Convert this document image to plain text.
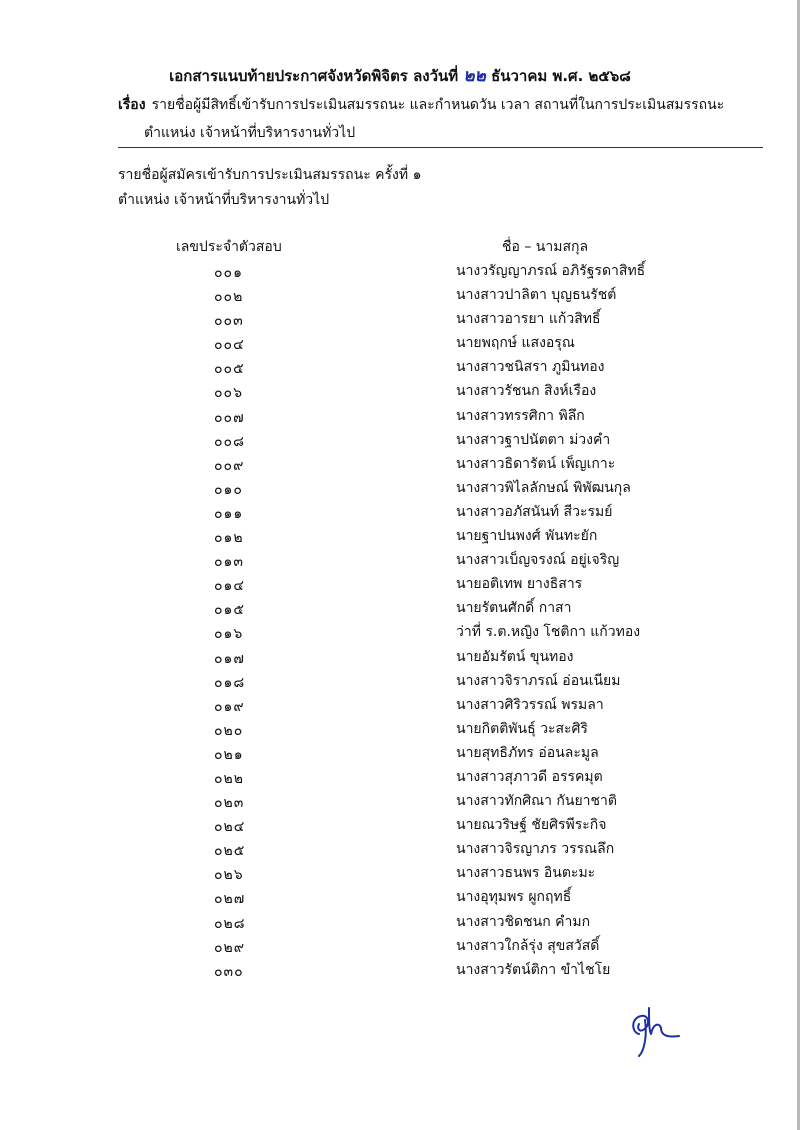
เอกสารแนบท้ายประกาศจังหวัดพิจิตร ลงวันที่ ๒๒ ธันวาคม พ.ศ. ๒๕๖๘
เรื่อง รายชื่อผู้มีสิทธิ์เข้ารับการประเมินสมรรถนะ และกำหนดวัน เวลา สถานที่ในการประเมินสมรรถนะ
ตำแหน่ง เจ้าหน้าที่บริหารงานทั่วไป
รายชื่อผู้สมัครเข้ารับการประเมินสมรรถนะ ครั้งที่ ๑
ตำแหน่ง เจ้าหน้าที่บริหารงานทั่วไป
เลขประจำตัวสอบ	ชื่อ – นามสกุล
๐๐๑	นางวรัญญาภรณ์ อภิรัฐรดาสิทธิ์
๐๐๒	นางสาวปาลิตา บุญธนรัชต์
๐๐๓	นางสาวอารยา แก้วสิทธิ์
๐๐๔	นายพฤกษ์ แสงอรุณ
๐๐๕	นางสาวชนิสรา ภูมินทอง
๐๐๖	นางสาวรัชนก สิงห์เรือง
๐๐๗	นางสาวทรรศิกา พิลึก
๐๐๘	นางสาวฐาปนัตตา ม่วงคำ
๐๐๙	นางสาวธิดารัตน์ เพ็ญเกาะ
๐๑๐	นางสาวพิไลลักษณ์ พิพัฒนกุล
๐๑๑	นางสาวอภัสนันท์ สีวะรมย์
๐๑๒	นายฐาปนพงศ์ พันทะยัก
๐๑๓	นางสาวเบ็ญจรงณ์ อยู่เจริญ
๐๑๔	นายอติเทพ ยางธิสาร
๐๑๕	นายรัตนศักดิ์ กาสา
๐๑๖	ว่าที่ ร.ต.หญิง โชติกา แก้วทอง
๐๑๗	นายอัมรัตน์ ขุนทอง
๐๑๘	นางสาวจิราภรณ์ อ่อนเนียม
๐๑๙	นางสาวศิริวรรณ์ พรมลา
๐๒๐	นายกิตติพันธุ์ วะสะศิริ
๐๒๑	นายสุทธิภัทร อ่อนละมูล
๐๒๒	นางสาวสุภาวดี อรรคมุต
๐๒๓	นางสาวทักศิณา กันยาชาติ
๐๒๔	นายณวริษฐ์ ชัยศิรพีระกิจ
๐๒๕	นางสาวจิรญาภร วรรณลึก
๐๒๖	นางสาวธนพร อินตะมะ
๐๒๗	นางอุทุมพร ผูกฤทธิ์
๐๒๘	นางสาวชิดชนก คำมก
๐๒๙	นางสาวใกล้รุ่ง สุขสวัสดิ์
๐๓๐	นางสาวรัตน์ติกา ขำไชโย
